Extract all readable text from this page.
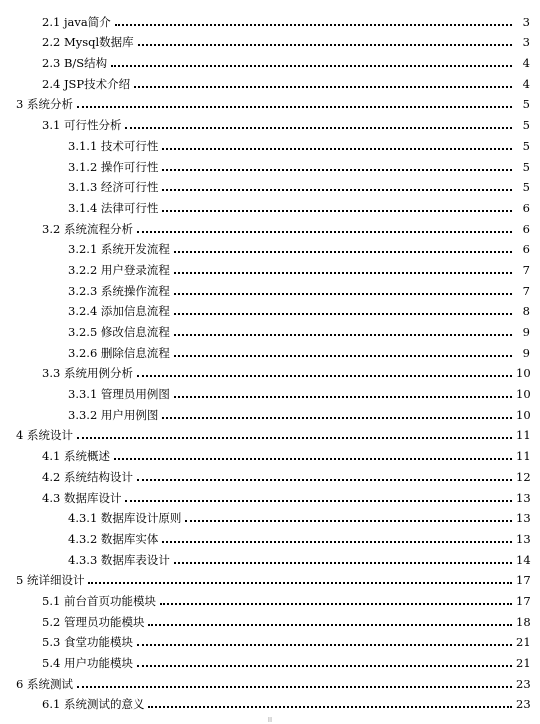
2.1 java简介	3
2.2 Mysql数据库	3
2.3 B/S结构	4
2.4 JSP技术介绍	4
3 系统分析	5
3.1 可行性分析	5
3.1.1 技术可行性	5
3.1.2 操作可行性	5
3.1.3 经济可行性	5
3.1.4 法律可行性	6
3.2 系统流程分析	6
3.2.1 系统开发流程	6
3.2.2 用户登录流程	7
3.2.3 系统操作流程	7
3.2.4 添加信息流程	8
3.2.5 修改信息流程	9
3.2.6 删除信息流程	9
3.3 系统用例分析	10
3.3.1 管理员用例图	10
3.3.2 用户用例图	10
4 系统设计	11
4.1 系统概述	11
4.2 系统结构设计	12
4.3 数据库设计	13
4.3.1 数据库设计原则	13
4.3.2 数据库实体	13
4.3.3 数据库表设计	14
5 统详细设计	17
5.1 前台首页功能模块	17
5.2 管理员功能模块	18
5.3 食堂功能模块	21
5.4 用户功能模块	21
6 系统测试	23
6.1 系统测试的意义	23
II
